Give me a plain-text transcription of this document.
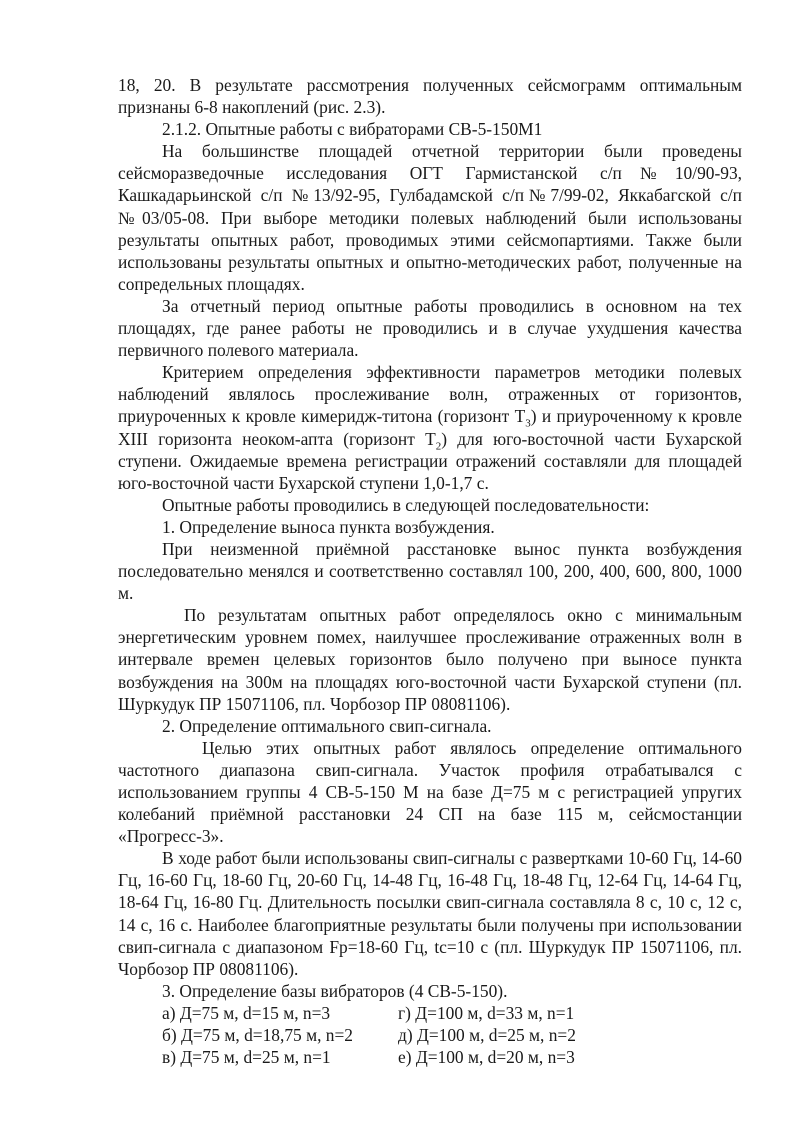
18, 20. В результате рассмотрения полученных сейсмограмм оптимальным признаны 6-8 накоплений (рис. 2.3).

2.1.2. Опытные работы с вибраторами СВ-5-150М1

На большинстве площадей отчетной территории были проведены сейсморазведочные исследования ОГТ Гармистанской с/п№10/90-93, Кашкадарьинской с/п №13/92-95, Гулбадамской с/п№7/99-02, Яккабагской с/п №03/05-08. При выборе методики полевых наблюдений были использованы результаты опытных работ, проводимых этими сейсмопартиями. Также были использованы результаты опытных и опытно-методических работ, полученные на сопредельных площадях.

За отчетный период опытные работы проводились в основном на тех площадях, где ранее работы не проводились и в случае ухудшения качества первичного полевого материала.

Критерием определения эффективности параметров методики полевых наблюдений являлось прослеживание волн, отраженных от горизонтов, приуроченных к кровле кимеридж-титона (горизонт $Т_3$) и приуроченному к кровле XIII горизонта неоком-апта (горизонт $Т_2$) для юго-восточной части Бухарской ступени. Ожидаемые времена регистрации отражений составляли для площадей юго-восточной части Бухарской ступени 1,0-1,7 с.

Опытные работы проводились в следующей последовательности:

1. Определение выноса пункта возбуждения.

При неизменной приёмной расстановке вынос пункта возбуждения последовательно менялся и соответственно составлял 100, 200, 400, 600, 800, 1000 м.

По результатам опытных работ определялось окно с минимальным энергетическим уровнем помех, наилучшее прослеживание отраженных волн в интервале времен целевых горизонтов было получено при выносе пункта возбуждения на 300м на площадях юго-восточной части Бухарской ступени (пл. Шуркудук ПР 15071106, пл. Чорбозор ПР 08081106).

2. Определение оптимального свип-сигнала.

Целью этих опытных работ являлось определение оптимального частотного диапазона свип-сигнала. Участок профиля отрабатывался с использованием группы 4 СВ-5-150 М на базе Д=75 м с регистрацией упругих колебаний приёмной расстановки 24 СП на базе 115 м, сейсмостанции «Прогресс-3».

В ходе работ были использованы свип-сигналы с развертками 10-60 Гц, 14-60 Гц, 16-60 Гц, 18-60 Гц, 20-60 Гц, 14-48 Гц, 16-48 Гц, 18-48 Гц, 12-64 Гц, 14-64 Гц, 18-64 Гц, 16-80 Гц. Длительность посылки свип-сигнала составляла 8 с, 10 с, 12 с, 14 с, 16 с. Наиболее благоприятные результаты были получены при использовании свип-сигнала с диапазоном Fр=18-60 Гц, tс=10 с (пл. Шуркудук ПР 15071106, пл. Чорбозор ПР 08081106).

3. Определение базы вибраторов (4 СВ-5-150).

а) Д=75 м, d=15 м, n=3	г) Д=100 м, d=33 м, n=1
б) Д=75 м, d=18,75 м, n=2	д) Д=100 м, d=25 м, n=2
в) Д=75 м, d=25 м, n=1	е) Д=100 м, d=20 м, n=3
